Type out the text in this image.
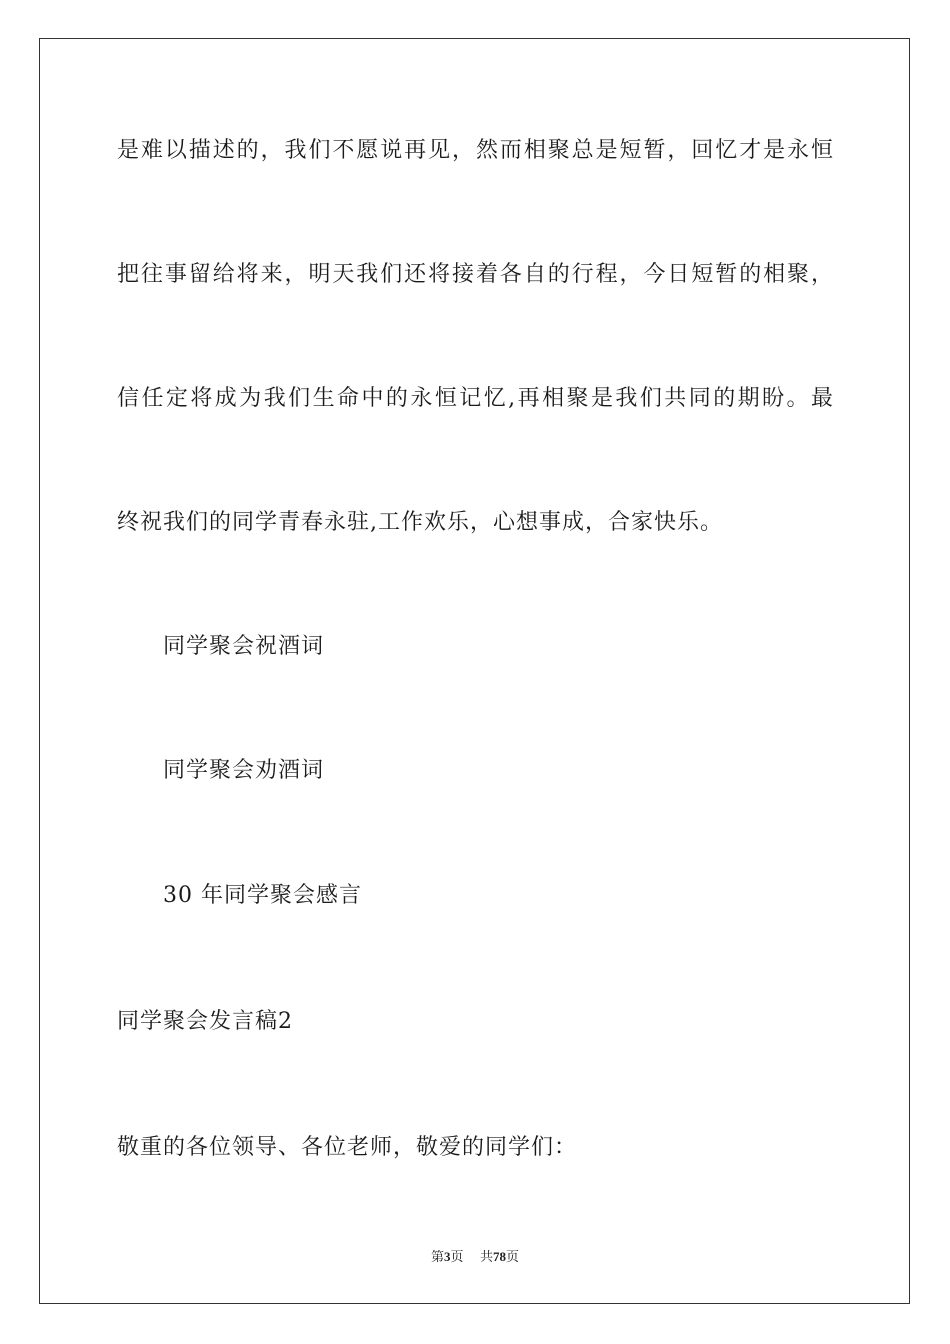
是难以描述的，我们不愿说再见，然而相聚总是短暂，回忆才是永恒
把往事留给将来，明天我们还将接着各自的行程，今日短暂的相聚，
信任定将成为我们生命中的永恒记忆,再相聚是我们共同的期盼。最
终祝我们的同学青春永驻,工作欢乐，心想事成，合家快乐。
同学聚会祝酒词
同学聚会劝酒词
30 年同学聚会感言
同学聚会发言稿2
敬重的各位领导、各位老师，敬爱的同学们：
第3页 共78页
